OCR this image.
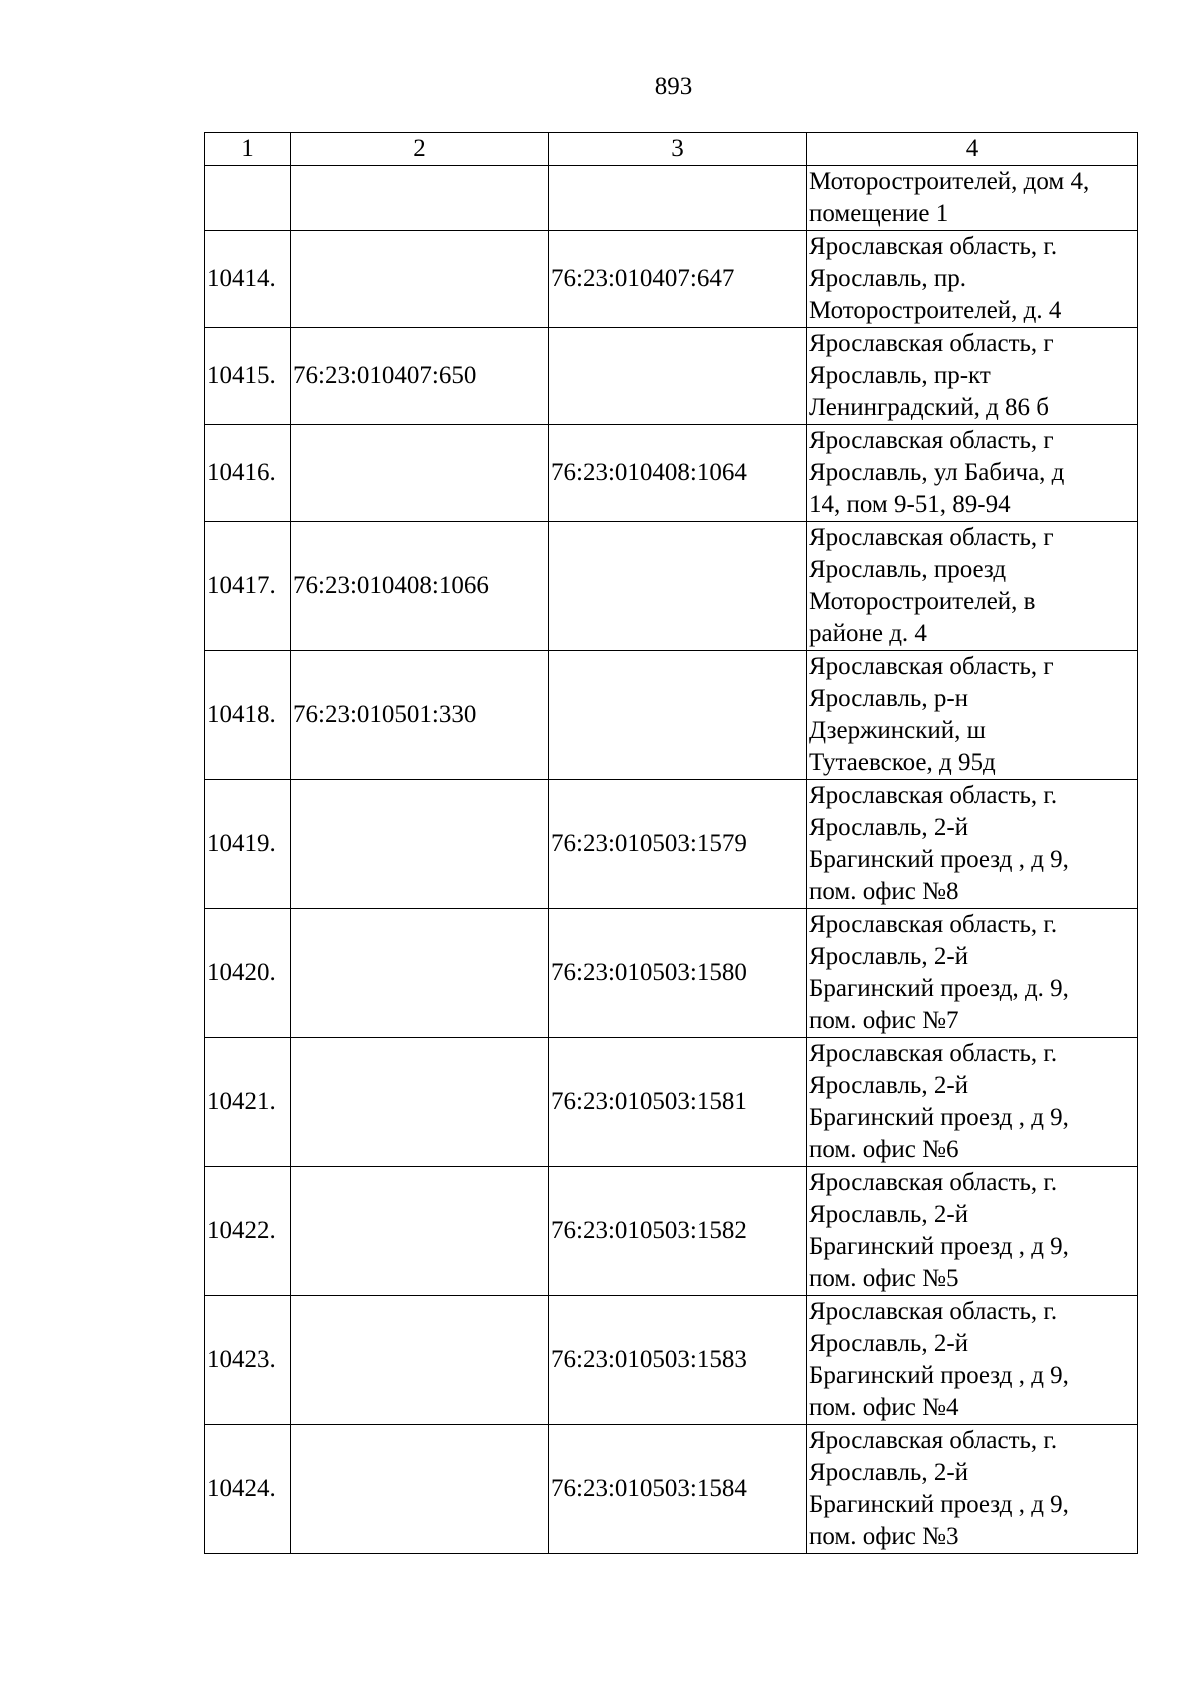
893
1	2	3	4

			Моторостроителей, дом 4,
помещение 1

10414.		76:23:010407:647	Ярославская область, г.
Ярославль, пр.
Моторостроителей, д. 4

10415.	76:23:010407:650		Ярославская область, г
Ярославль, пр-кт
Ленинградский, д 86 б

10416.		76:23:010408:1064	Ярославская область, г
Ярославль, ул Бабича, д
14, пом 9-51, 89-94

10417.	76:23:010408:1066		Ярославская область, г
Ярославль, проезд
Моторостроителей, в
районе д. 4

10418.	76:23:010501:330		Ярославская область, г
Ярославль, р-н
Дзержинский, ш
Тутаевское, д 95д

10419.		76:23:010503:1579	Ярославская область, г.
Ярославль, 2-й
Брагинский проезд , д 9,
пом. офис №8

10420.		76:23:010503:1580	Ярославская область, г.
Ярославль, 2-й
Брагинский проезд, д. 9,
пом. офис №7

10421.		76:23:010503:1581	Ярославская область, г.
Ярославль, 2-й
Брагинский проезд , д 9,
пом. офис №6

10422.		76:23:010503:1582	Ярославская область, г.
Ярославль, 2-й
Брагинский проезд , д 9,
пом. офис №5

10423.		76:23:010503:1583	Ярославская область, г.
Ярославль, 2-й
Брагинский проезд , д 9,
пом. офис №4

10424.		76:23:010503:1584	Ярославская область, г.
Ярославль, 2-й
Брагинский проезд , д 9,
пом. офис №3
